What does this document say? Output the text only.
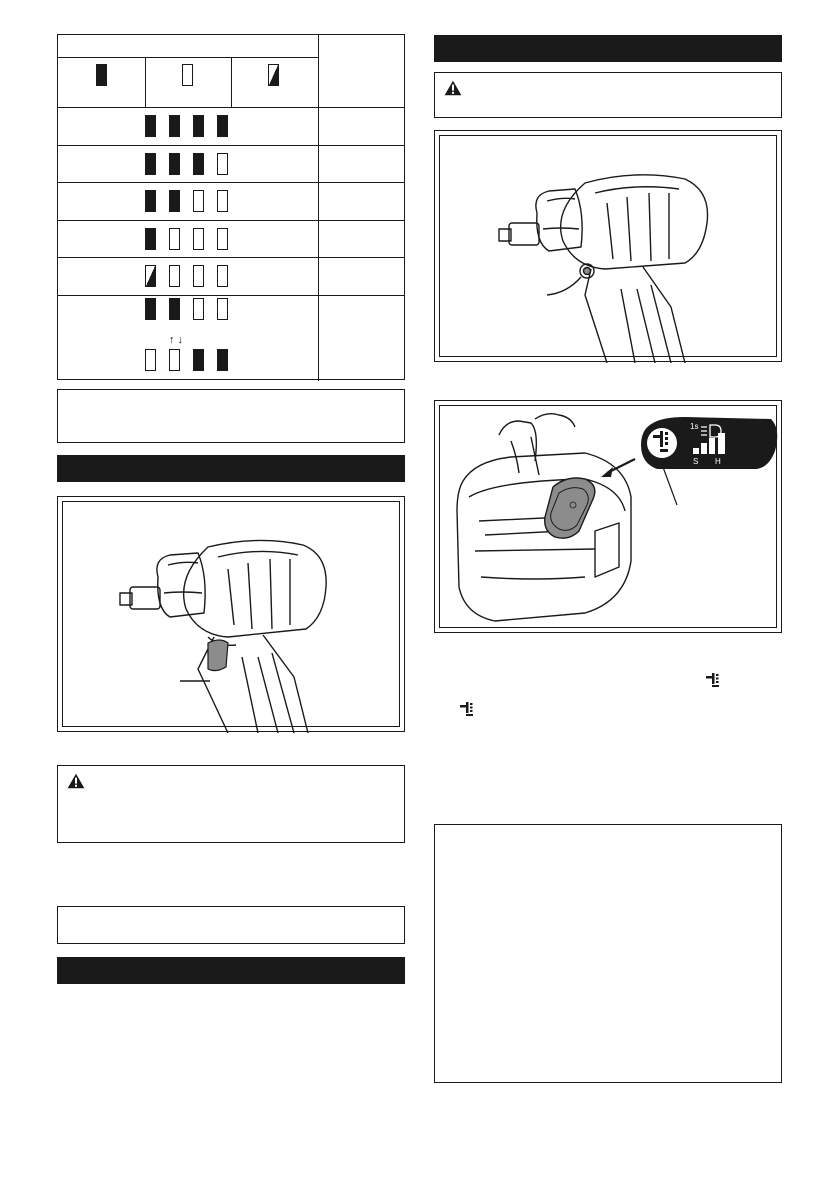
↑ ↓
1s
S H
